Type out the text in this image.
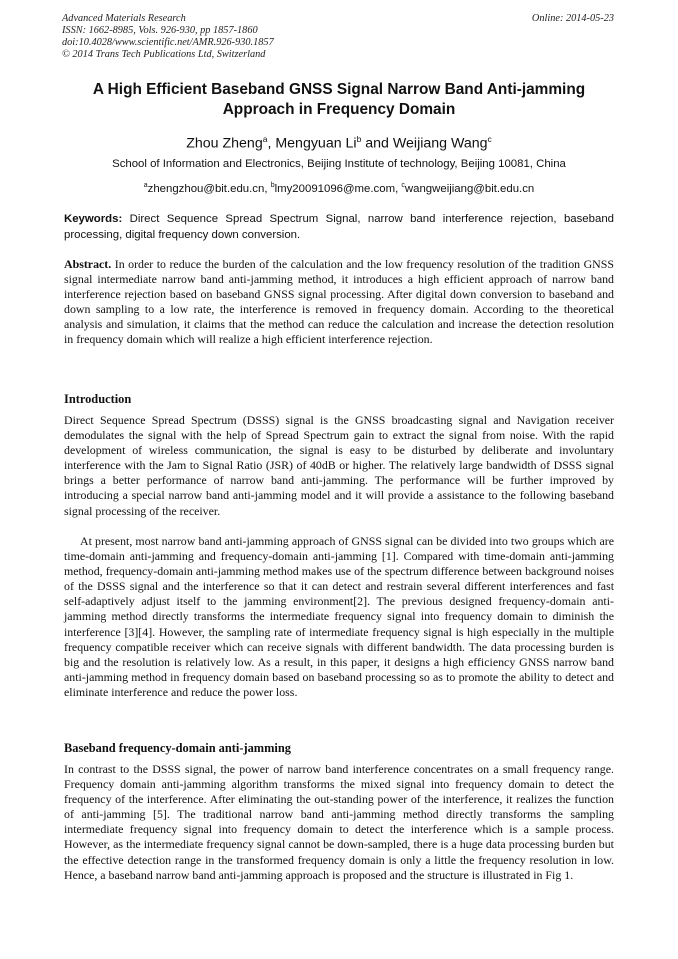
Advanced Materials Research
ISSN: 1662-8985, Vols. 926-930, pp 1857-1860
doi:10.4028/www.scientific.net/AMR.926-930.1857
© 2014 Trans Tech Publications Ltd, Switzerland
Online: 2014-05-23
A High Efficient Baseband GNSS Signal Narrow Band Anti-jamming
Approach in Frequency Domain
Zhou Zheng$^a$, Mengyuan Li$^b$ and Weijiang Wang$^c$
School of Information and Electronics, Beijing Institute of technology, Beijing 10081, China
$^a$zhengzhou@bit.edu.cn, $^b$lmy20091096@me.com, $^c$wangweijiang@bit.edu.cn
Keywords: Direct Sequence Spread Spectrum Signal, narrow band interference rejection, baseband processing, digital frequency down conversion.
Abstract. In order to reduce the burden of the calculation and the low frequency resolution of the tradition GNSS signal intermediate narrow band anti-jamming method, it introduces a high efficient approach of narrow band interference rejection based on baseband GNSS signal processing. After digital down conversion to baseband and down sampling to a low rate, the interference is removed in frequency domain. According to the theoretical analysis and simulation, it claims that the method can reduce the calculation and increase the detection resolution in frequency domain which will realize a high efficient interference rejection.
Introduction
Direct Sequence Spread Spectrum (DSSS) signal is the GNSS broadcasting signal and Navigation receiver demodulates the signal with the help of Spread Spectrum gain to extract the signal from noise. With the rapid development of wireless communication, the signal is easy to be disturbed by deliberate and involuntary interference with the Jam to Signal Ratio (JSR) of 40dB or higher. The relatively large bandwidth of DSSS signal brings a better performance of narrow band anti-jamming. The performance will be further improved by introducing a special narrow band anti-jamming model and it will provide a assistance to the following baseband signal processing of the receiver.
At present, most narrow band anti-jamming approach of GNSS signal can be divided into two groups which are time-domain anti-jamming and frequency-domain anti-jamming [1]. Compared with time-domain anti-jamming method, frequency-domain anti-jamming method makes use of the spectrum difference between background noises of the DSSS signal and the interference so that it can detect and restrain several different interferences and fast self-adaptively adjust itself to the jamming environment[2]. The previous designed frequency-domain anti-jamming method directly transforms the intermediate frequency signal into frequency domain to diminish the interference [3][4]. However, the sampling rate of intermediate frequency signal is high especially in the multiple frequency compatible receiver which can receive signals with different bandwidth. The data processing burden is big and the resolution is relatively low. As a result, in this paper, it designs a high efficiency GNSS narrow band anti-jamming method in frequency domain based on baseband processing so as to promote the ability to detect and eliminate interference and reduce the power loss.
Baseband frequency-domain anti-jamming
In contrast to the DSSS signal, the power of narrow band interference concentrates on a small frequency range. Frequency domain anti-jamming algorithm transforms the mixed signal into frequency domain to detect the frequency of the interference. After eliminating the out-standing power of the interference, it realizes the function of anti-jamming [5]. The traditional narrow band anti-jamming method directly transforms the sampling intermediate frequency signal into frequency domain to detect the interference which is a sample process. However, as the intermediate frequency signal cannot be down-sampled, there is a huge data processing burden but the effective detection range in the transformed frequency domain is only a little the frequency resolution in low. Hence, a baseband narrow band anti-jamming approach is proposed and the structure is illustrated in Fig 1.
